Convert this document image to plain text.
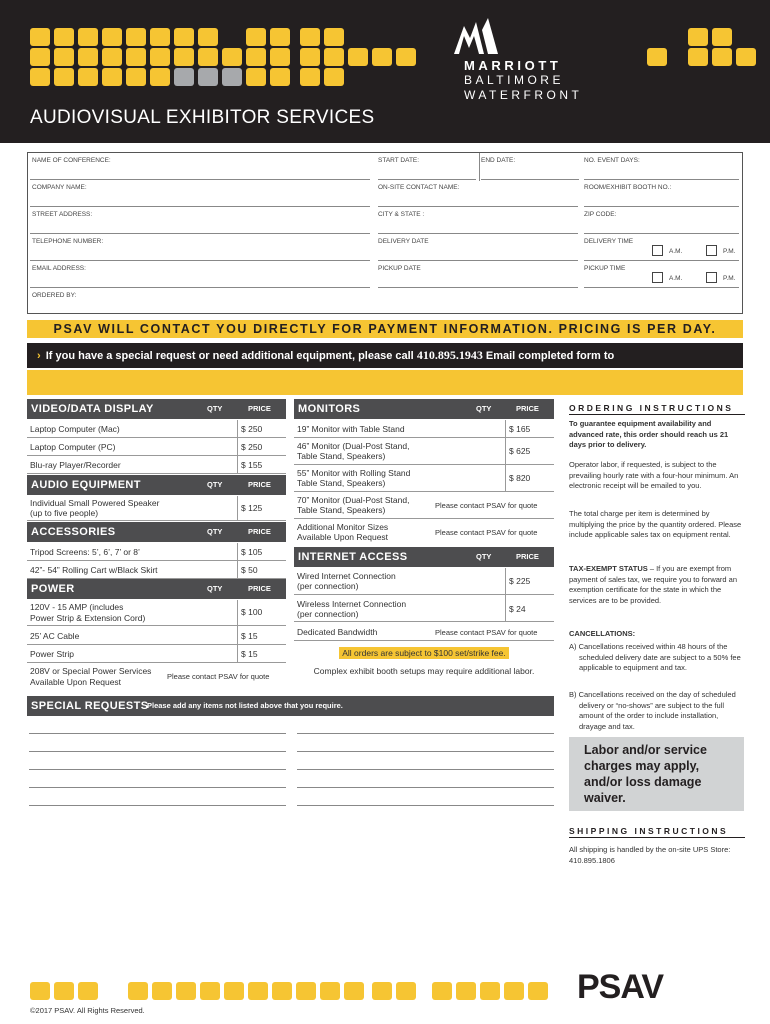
AUDIOVISUAL EXHIBITOR SERVICES
MARRIOTT
BALTIMORE
WATERFRONT
NAME OF CONFERENCE:	START DATE:	END DATE:	NO. EVENT DAYS:
COMPANY NAME:	ON-SITE CONTACT NAME:	ROOM/EXHIBIT BOOTH NO.:
STREET ADDRESS:	CITY & STATE :	ZIP CODE:
TELEPHONE NUMBER:	DELIVERY DATE	DELIVERY TIME
A.M.	P.M.
EMAIL ADDRESS:	PICKUP DATE	PICKUP TIME
A.M.	P.M.
ORDERED BY:
PSAV WILL CONTACT YOU DIRECTLY FOR PAYMENT INFORMATION. PRICING IS PER DAY.
› If you have a special request or need additional equipment, please call 410.895.1943 Email completed form to
VIDEO/DATA DISPLAY	QTY	PRICE
Laptop Computer (Mac)	$ 250
Laptop Computer (PC)	$ 250
Blu-ray Player/Recorder	$ 155
AUDIO EQUIPMENT	QTY	PRICE
Individual Small Powered Speaker
(up to five people)	$ 125
ACCESSORIES	QTY	PRICE
Tripod Screens: 5’, 6’, 7’ or 8’	$ 105
42”- 54” Rolling Cart w/Black Skirt	$ 50
POWER	QTY	PRICE
120V - 15 AMP (includes
Power Strip & Extension Cord)
$ 100
25’ AC Cable	$ 15
Power Strip	$ 15
208V or Special Power Services
Available Upon Request
Please contact PSAV for quote
MONITORS	QTY	PRICE
19” Monitor with Table Stand	$ 165
46” Monitor (Dual-Post Stand,
Table Stand, Speakers)	$ 625
55” Monitor with Rolling Stand
Table Stand, Speakers)	$ 820
70” Monitor (Dual-Post Stand,
Table Stand, Speakers)	Please contact PSAV for quote
Additional Monitor Sizes
Available Upon Request	Please contact PSAV for quote
INTERNET ACCESS	QTY	PRICE
Wired Internet Connection
(per connection)	$ 225
Wireless Internet Connection
(per connection)	$ 24
Dedicated Bandwidth	Please contact PSAV for quote
All orders are subject to $100 set/strike fee.
Complex exhibit booth setups may require additional labor.
SPECIAL REQUESTS
Please add any items not listed above that you require.
ORDERING INSTRUCTIONS
To guarantee equipment availability and advanced rate, this order should reach us 21 days prior to delivery.
Operator labor, if requested, is subject to the prevailing hourly rate with a four-hour minimum. An electronic receipt will be emailed to you.
The total charge per item is determined by multiplying the price by the quantity ordered. Please include applicable sales tax on equipment rental.
TAX-EXEMPT STATUS – If you are exempt from payment of sales tax, we require you to forward an exemption certificate for the state in which the services are to be provided.
CANCELLATIONS:
A) Cancellations received within 48 hours of the scheduled delivery date are subject to a 50% fee applicable to equipment and tax.
B) Cancellations received on the day of scheduled delivery or “no-shows” are subject to the full amount of the order to include installation, drayage and tax.
Labor and/or service
charges may apply,
and/or loss damage
waiver.
SHIPPING INSTRUCTIONS
All shipping is handled by the on-site UPS Store: 410.895.1806
©2017 PSAV. All Rights Reserved.
PSAV
